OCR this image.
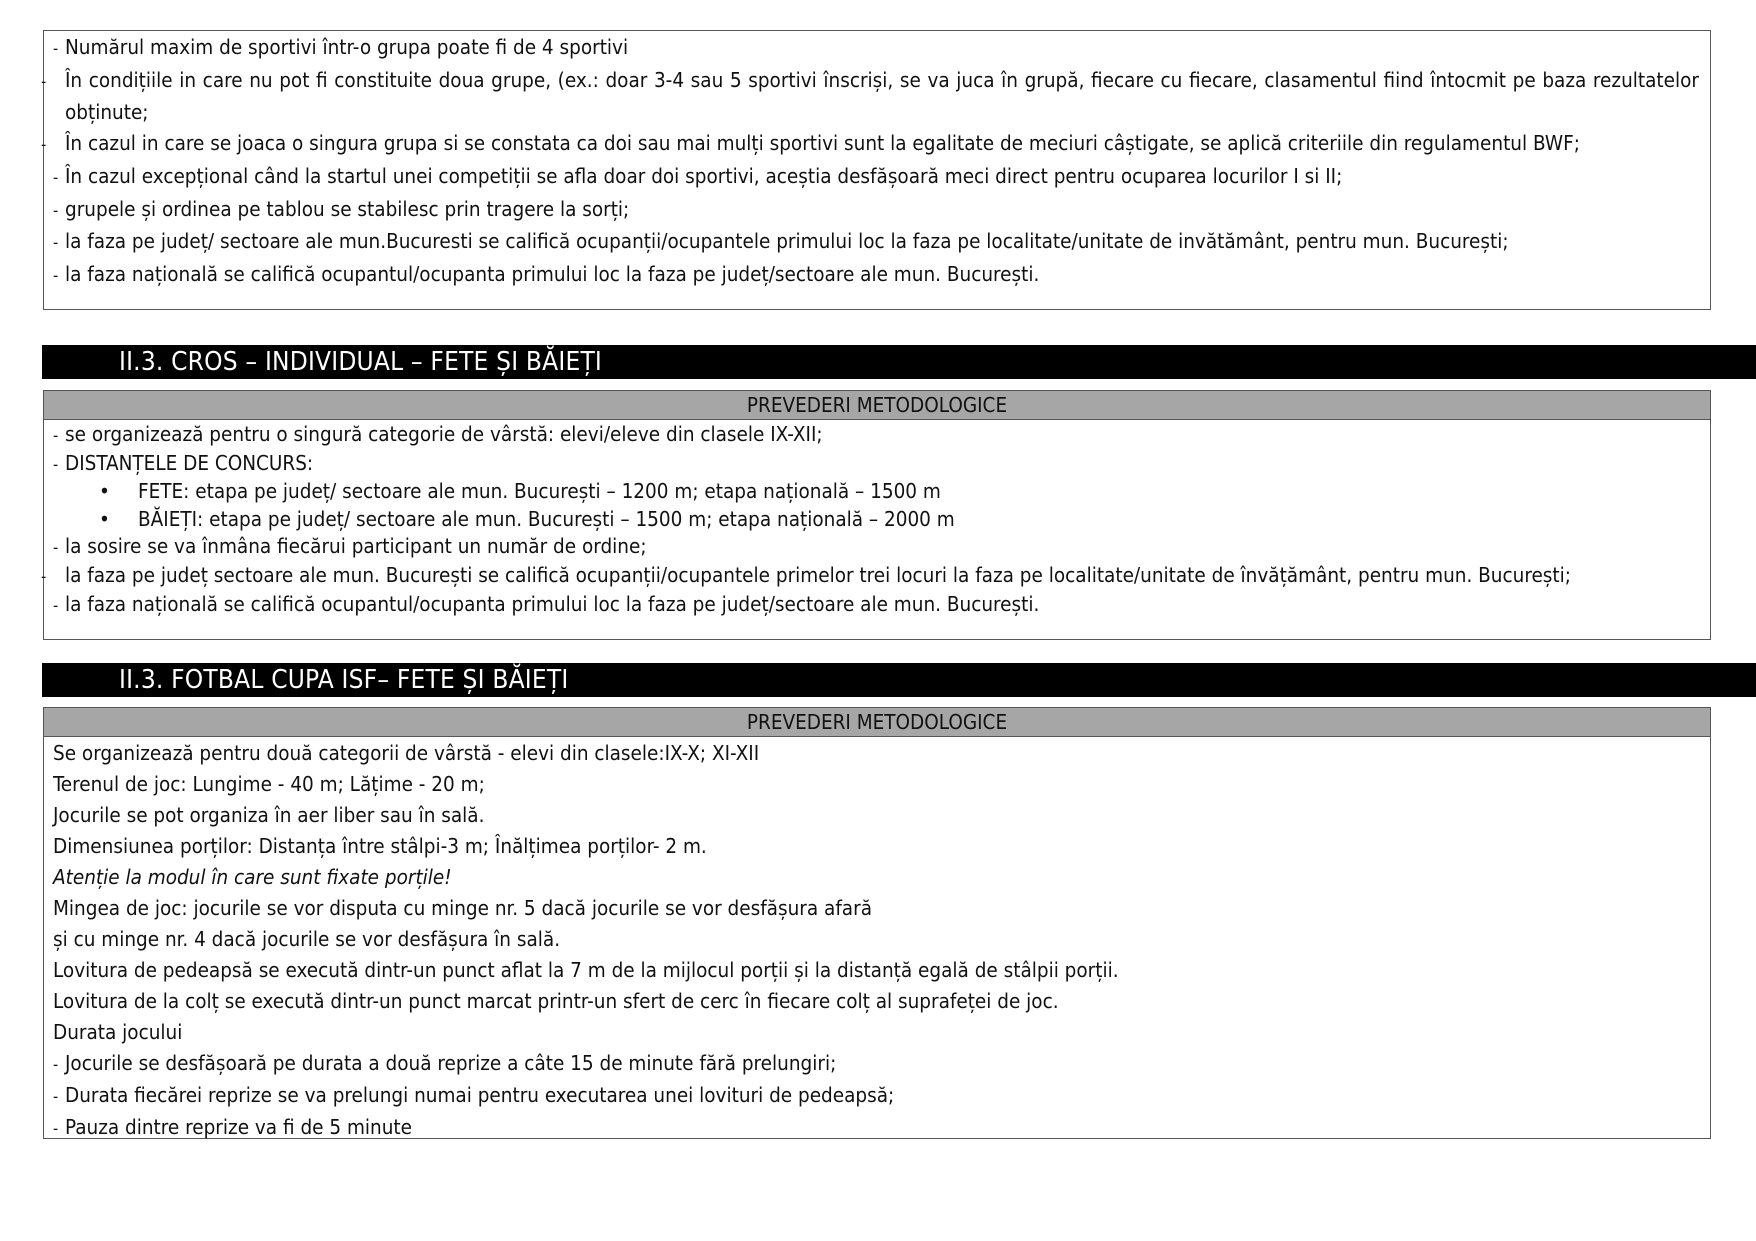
- Numărul maxim de sportivi într-o grupa poate fi de 4 sportivi
- În condițiile in care nu pot fi constituite doua grupe, (ex.: doar 3-4 sau 5 sportivi înscriși, se va juca în grupă, fiecare cu fiecare, clasamentul fiind întocmit pe baza rezultatelor obținute;
- În cazul in care se joaca o singura grupa si se constata ca doi sau mai mulți sportivi sunt la egalitate de meciuri câștigate, se aplică criteriile din regulamentul BWF;
- În cazul excepțional când la startul unei competiții se afla doar doi sportivi, aceștia desfășoară meci direct pentru ocuparea locurilor I si II;
- grupele și ordinea pe tablou se stabilesc prin tragere la sorți;
- la faza pe județ/ sectoare ale mun.Bucuresti se califică ocupanții/ocupantele primului loc la faza pe localitate/unitate de invătământ, pentru mun. București;
- la faza națională se califică ocupantul/ocupanta primului loc la faza pe județ/sectoare ale mun. București.
II.3. CROS – INDIVIDUAL – FETE ȘI BĂIEȚI
PREVEDERI METODOLOGICE
- se organizează pentru o singură categorie de vârstă: elevi/eleve din clasele IX-XII;
- DISTANȚELE DE CONCURS:
• FETE: etapa pe județ/ sectoare ale mun. București – 1200 m; etapa națională – 1500 m
• BĂIEȚI: etapa pe județ/ sectoare ale mun. București – 1500 m; etapa națională – 2000 m
- la sosire se va înmâna fiecărui participant un număr de ordine;
- la faza pe județ sectoare ale mun. București se califică ocupanții/ocupantele primelor trei locuri la faza pe localitate/unitate de învățământ, pentru mun. București;
- la faza națională se califică ocupantul/ocupanta primului loc la faza pe județ/sectoare ale mun. București.
II.3. FOTBAL CUPA ISF– FETE ȘI BĂIEȚI
PREVEDERI METODOLOGICE
Se organizează pentru două categorii de vârstă - elevi din clasele:IX-X; XI-XII
Terenul de joc: Lungime - 40 m; Lățime - 20 m;
Jocurile se pot organiza în aer liber sau în sală.
Dimensiunea porților: Distanța între stâlpi-3 m; Înălțimea porților- 2 m.
Atenție la modul în care sunt fixate porțile!
Mingea de joc: jocurile se vor disputa cu minge nr. 5 dacă jocurile se vor desfășura afară
și cu minge nr. 4 dacă jocurile se vor desfășura în sală.
Lovitura de pedeapsă se execută dintr-un punct aflat la 7 m de la mijlocul porții și la distanță egală de stâlpii porții.
Lovitura de la colț se execută dintr-un punct marcat printr-un sfert de cerc în fiecare colț al suprafeței de joc.
Durata jocului
- Jocurile se desfășoară pe durata a două reprize a câte 15 de minute fără prelungiri;
- Durata fiecărei reprize se va prelungi numai pentru executarea unei lovituri de pedeapsă;
- Pauza dintre reprize va fi de 5 minute
